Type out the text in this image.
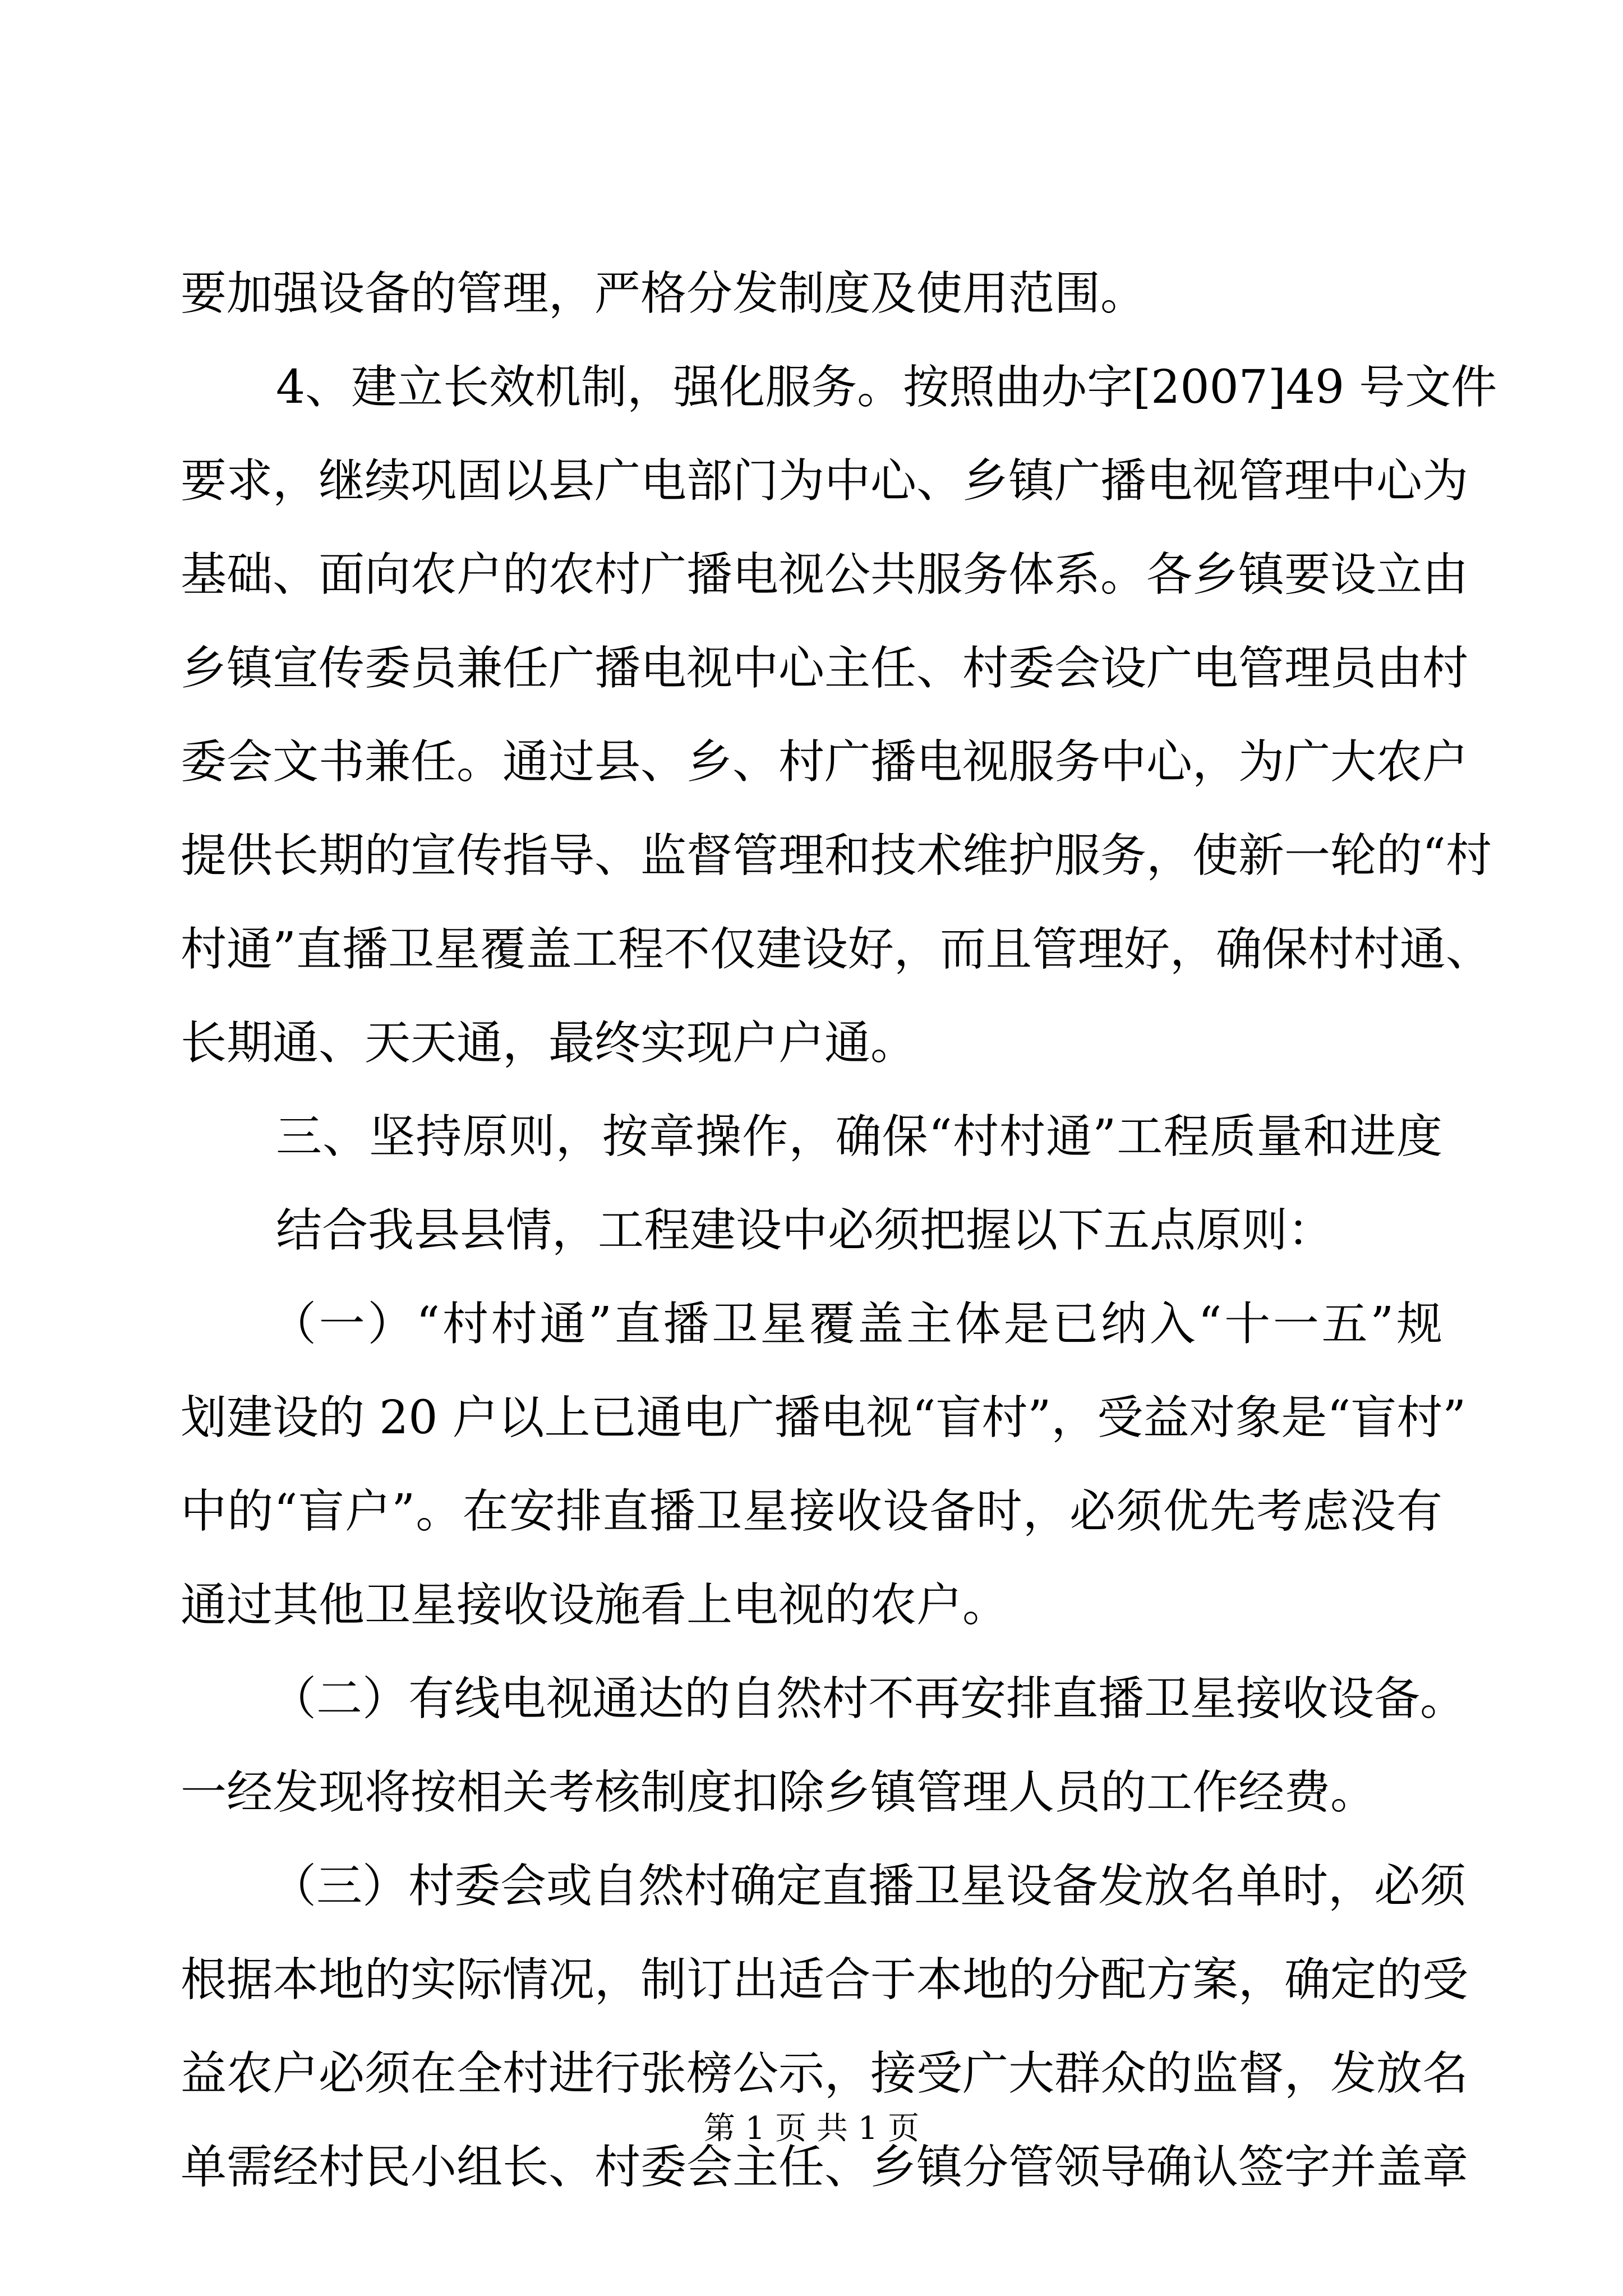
要加强设备的管理，严格分发制度及使用范围。
4、建立长效机制，强化服务。按照曲办字[2007]49 号文件
要求，继续巩固以县广电部门为中心、乡镇广播电视管理中心为
基础、面向农户的农村广播电视公共服务体系。各乡镇要设立由
乡镇宣传委员兼任广播电视中心主任、村委会设广电管理员由村
委会文书兼任。通过县、乡、村广播电视服务中心，为广大农户
提供长期的宣传指导、监督管理和技术维护服务，使新一轮的“村
村通”直播卫星覆盖工程不仅建设好，而且管理好，确保村村通、
长期通、天天通，最终实现户户通。
三、坚持原则，按章操作，确保“村村通”工程质量和进度
结合我县县情，工程建设中必须把握以下五点原则：
（一）“村村通”直播卫星覆盖主体是已纳入“十一五”规
划建设的 20 户以上已通电广播电视“盲村”，受益对象是“盲村”
中的“盲户”。在安排直播卫星接收设备时，必须优先考虑没有
通过其他卫星接收设施看上电视的农户。
（二）有线电视通达的自然村不再安排直播卫星接收设备。
一经发现将按相关考核制度扣除乡镇管理人员的工作经费。
（三）村委会或自然村确定直播卫星设备发放名单时，必须
根据本地的实际情况，制订出适合于本地的分配方案，确定的受
益农户必须在全村进行张榜公示，接受广大群众的监督，发放名
单需经村民小组长、村委会主任、乡镇分管领导确认签字并盖章
第 1 页 共 1 页
